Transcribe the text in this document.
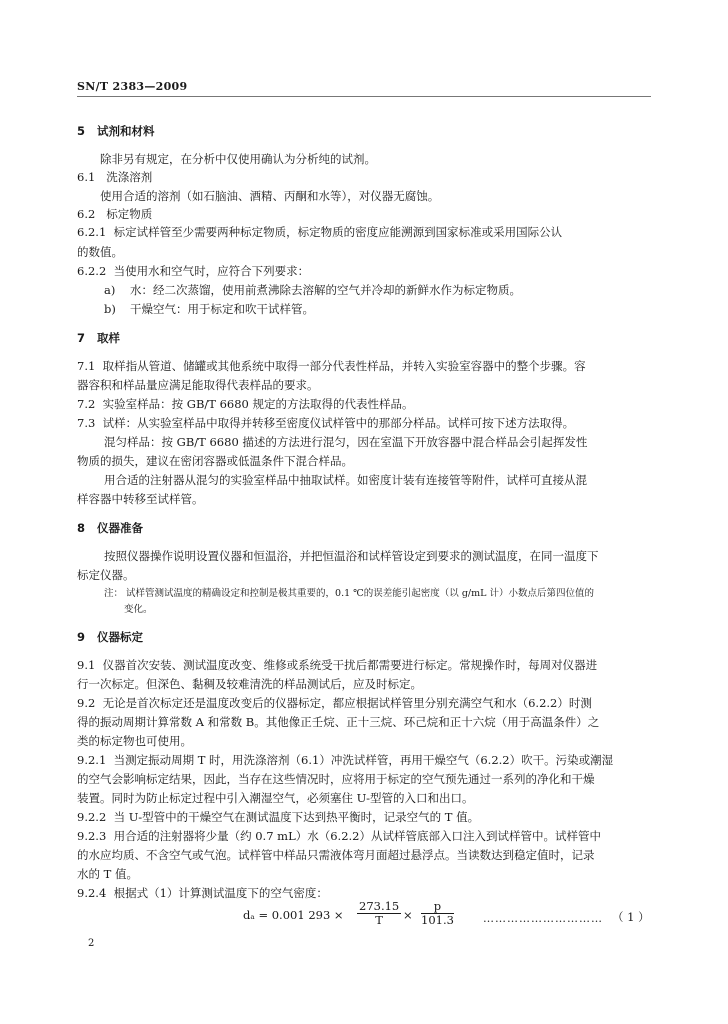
SN/T 2383—2009
5 试剂和材料
除非另有规定，在分析中仅使用确认为分析纯的试剂。
6.1 洗涤溶剂
使用合适的溶剂（如石脑油、酒精、丙酮和水等），对仪器无腐蚀。
6.2 标定物质
6.2.1 标定试样管至少需要两种标定物质，标定物质的密度应能溯源到国家标准或采用国际公认
的数值。
6.2.2 当使用水和空气时，应符合下列要求：
a) 水：经二次蒸馏，使用前煮沸除去溶解的空气并冷却的新鲜水作为标定物质。
b) 干燥空气：用于标定和吹干试样管。
7 取样
7.1 取样指从管道、储罐或其他系统中取得一部分代表性样品，并转入实验室容器中的整个步骤。容
器容积和样品量应满足能取得代表样品的要求。
7.2 实验室样品：按 GB/T 6680 规定的方法取得的代表性样品。
7.3 试样：从实验室样品中取得并转移至密度仪试样管中的那部分样品。试样可按下述方法取得。
混匀样品：按 GB/T 6680 描述的方法进行混匀，因在室温下开放容器中混合样品会引起挥发性
物质的损失，建议在密闭容器或低温条件下混合样品。
用合适的注射器从混匀的实验室样品中抽取试样。如密度计装有连接管等附件，试样可直接从混
样容器中转移至试样管。
8 仪器准备
按照仪器操作说明设置仪器和恒温浴，并把恒温浴和试样管设定到要求的测试温度，在同一温度下
标定仪器。
注： 试样管测试温度的精确设定和控制是极其重要的，0.1 ℃的误差能引起密度（以 g/mL 计）小数点后第四位值的
变化。
9 仪器标定
9.1 仪器首次安装、测试温度改变、维修或系统受干扰后都需要进行标定。常规操作时，每周对仪器进
行一次标定。但深色、黏稠及较难清洗的样品测试后，应及时标定。
9.2 无论是首次标定还是温度改变后的仪器标定，都应根据试样管里分别充满空气和水（6.2.2）时测
得的振动周期计算常数 A 和常数 B。其他像正壬烷、正十三烷、环己烷和正十六烷（用于高温条件）之
类的标定物也可使用。
9.2.1 当测定振动周期 T 时，用洗涤溶剂（6.1）冲洗试样管，再用干燥空气（6.2.2）吹干。污染或潮湿
的空气会影响标定结果，因此，当存在这些情况时，应将用于标定的空气预先通过一系列的净化和干燥
装置。同时为防止标定过程中引入潮湿空气，必须塞住 U-型管的入口和出口。
9.2.2 当 U-型管中的干燥空气在测试温度下达到热平衡时，记录空气的 T 值。
9.2.3 用合适的注射器将少量（约 0.7 mL）水（6.2.2）从试样管底部入口注入到试样管中。试样管中
的水应均质、不含空气或气泡。试样管中样品只需液体弯月面超过悬浮点。当读数达到稳定值时，记录
水的 T 值。
9.2.4 根据式（1）计算测试温度下的空气密度：
dₐ = 0.001 $293 \times \frac{273.15}{T} \times \frac{p}{101.3}$	………………………… （ 1 ）
2
